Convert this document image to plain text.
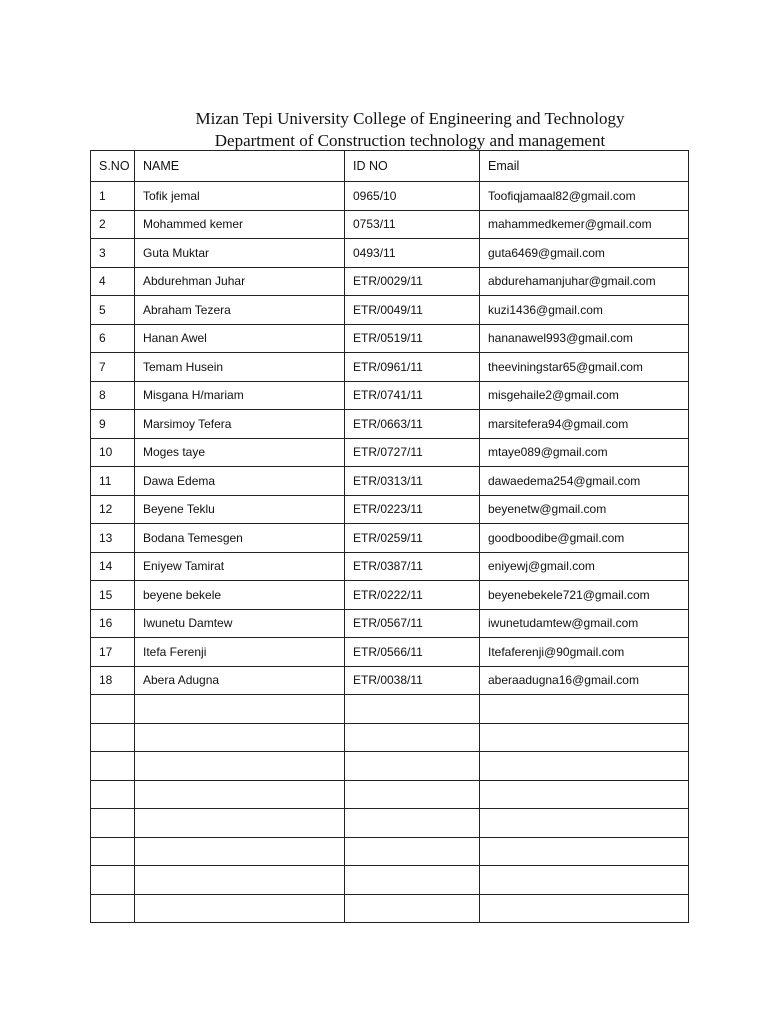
Mizan Tepi University College of Engineering and Technology
Department of Construction technology and management
S.NO	NAME	ID NO	Email
1	Tofik jemal	0965/10	Toofiqjamaal82@gmail.com
2	Mohammed kemer	0753/11	mahammedkemer@gmail.com
3	Guta Muktar	0493/11	guta6469@gmail.com
4	Abdurehman Juhar	ETR/0029/11	abdurehamanjuhar@gmail.com
5	Abraham Tezera	ETR/0049/11	kuzi1436@gmail.com
6	Hanan Awel	ETR/0519/11	hananawel993@gmail.com
7	Temam Husein	ETR/0961/11	theeviningstar65@gmail.com
8	Misgana H/mariam	ETR/0741/11	misgehaile2@gmail.com
9	Marsimoy Tefera	ETR/0663/11	marsitefera94@gmail.com
10	Moges taye	ETR/0727/11	mtaye089@gmail.com
11	Dawa Edema	ETR/0313/11	dawaedema254@gmail.com
12	Beyene Teklu	ETR/0223/11	beyenetw@gmail.com
13	Bodana Temesgen	ETR/0259/11	goodboodibe@gmail.com
14	Eniyew Tamirat	ETR/0387/11	eniyewj@gmail.com
15	beyene bekele	ETR/0222/11	beyenebekele721@gmail.com
16	Iwunetu Damtew	ETR/0567/11	iwunetudamtew@gmail.com
17	Itefa Ferenji	ETR/0566/11	Itefaferenji@90gmail.com
18	Abera Adugna	ETR/0038/11	aberaadugna16@gmail.com
